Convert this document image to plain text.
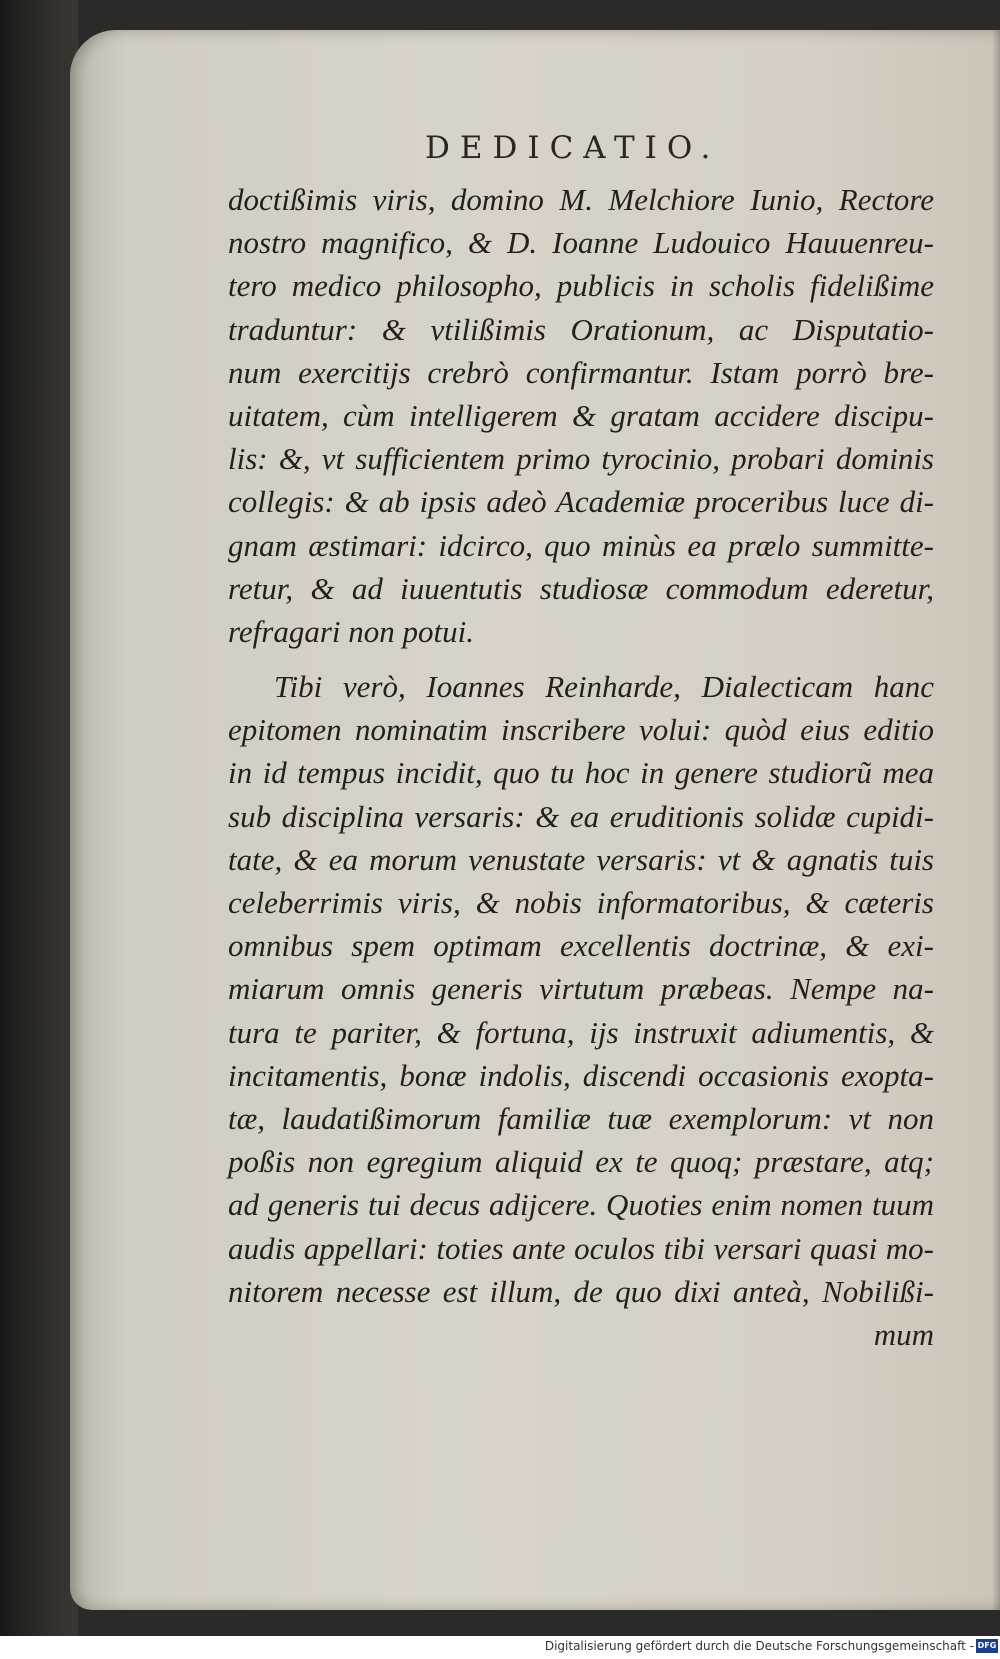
DEDICATIO.
doctißimis viris, domino M. Melchiore Iunio, Rectore
nostro magnifico, & D. Ioanne Ludouico Hauuenreu-
tero medico philosopho, publicis in scholis fidelißime
traduntur: & vtilißimis Orationum, ac Disputatio-
num exercitijs crebrò confirmantur. Istam porrò bre-
uitatem, cùm intelligerem & gratam accidere discipu-
lis: &, vt sufficientem primo tyrocinio, probari dominis
collegis: & ab ipsis adeò Academiæ proceribus luce di-
gnam æstimari: idcirco, quo minùs ea prælo summitte-
retur, & ad iuuentutis studiosæ commodum ederetur,
refragari non potui.
Tibi verò, Ioannes Reinharde, Dialecticam hanc
epitomen nominatim inscribere volui: quòd eius editio
in id tempus incidit, quo tu hoc in genere studiorũ mea
sub disciplina versaris: & ea eruditionis solidæ cupidi-
tate, & ea morum venustate versaris: vt & agnatis tuis
celeberrimis viris, & nobis informatoribus, & cæteris
omnibus spem optimam excellentis doctrinæ, & exi-
miarum omnis generis virtutum præbeas. Nempe na-
tura te pariter, & fortuna, ijs instruxit adiumentis, &
incitamentis, bonæ indolis, discendi occasionis exopta-
tæ, laudatißimorum familiæ tuæ exemplorum: vt non
poßis non egregium aliquid ex te quoq; præstare, atq;
ad generis tui decus adijcere. Quoties enim nomen tuum
audis appellari: toties ante oculos tibi versari quasi mo-
nitorem necesse est illum, de quo dixi anteà, Nobilißi-
mum
Digitalisierung gefördert durch die Deutsche Forschungsgemeinschaft - DFG
